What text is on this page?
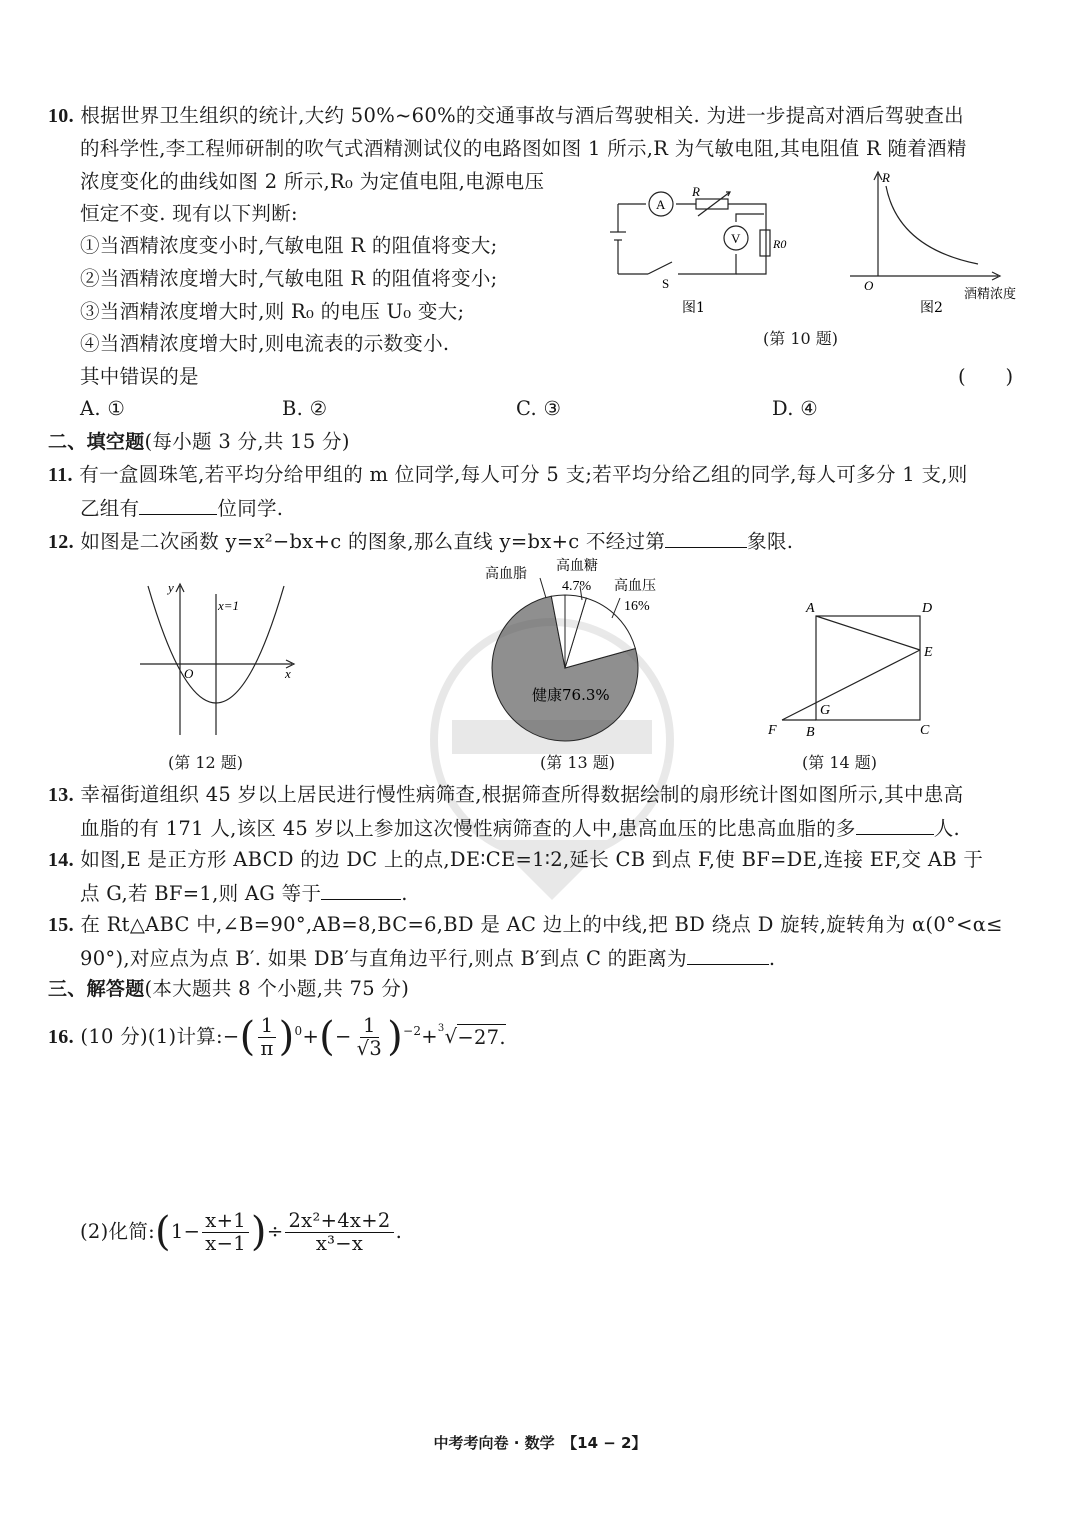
10. 根据世界卫生组织的统计,大约 50%~60%的交通事故与酒后驾驶相关. 为进一步提高对酒后驾驶查出
的科学性,李工程师研制的吹气式酒精测试仪的电路图如图 1 所示,R 为气敏电阻,其电阻值 R 随着酒精
浓度变化的曲线如图 2 所示,R₀ 为定值电阻,电源电压
恒定不变. 现有以下判断:
①当酒精浓度变小时,气敏电阻 R 的阻值将变大;
②当酒精浓度增大时,气敏电阻 R 的阻值将变小;
③当酒精浓度增大时,则 R₀ 的电压 U₀ 变大;
④当酒精浓度增大时,则电流表的示数变小.
其中错误的是	(　　)
A. ①	B. ②	C. ③	D. ④
A
R
V	R0
S
图1
R
O
酒精浓度
图2
(第 10 题)
二、填空题(每小题 3 分,共 15 分)
11. 有一盒圆珠笔,若平均分给甲组的 m 位同学,每人可分 5 支;若平均分给乙组的同学,每人可多分 1 支,则
乙组有	位同学.
12. 如图是二次函数 y=x²−bx+c 的图象,那么直线 y=bx+c 不经过第	象限.
y
x
O
x=1
(第 12 题)
高血脂 高血糖
4.7% 高血压
16%
健康76.3%
(第 13 题)
A	D
E
G
F B	C
(第 14 题)
13. 幸福街道组织 45 岁以上居民进行慢性病筛查,根据筛查所得数据绘制的扇形统计图如图所示,其中患高
血脂的有 171 人,该区 45 岁以上参加这次慢性病筛查的人中,患高血压的比患高血脂的多	人.
14. 如图,E 是正方形 ABCD 的边 DC 上的点,DE∶CE=1∶2,延长 CB 到点 F,使 BF=DE,连接 EF,交 AB 于
点 G,若 BF=1,则 AG 等于	.
15. 在 Rt△ABC 中,∠B=90°,AB=8,BC=6,BD 是 AC 边上的中线,把 BD 绕点 D 旋转,旋转角为 α(0°<α≤
90°),对应点为点 B′. 如果 DB′与直角边平行,则点 B′到点 C 的距离为	.
三、解答题(本大题共 8 个小题,共 75 分)
16.
(10 分)(1)计算:− ( $\frac{1}{\pi}$ ) 0 + ( − $\frac{1}{√3}$ ) −2 + 3 √ −27.
(2)化简: ( $1- \frac{x+1}{x-1}$ ) ÷ $\frac{\text{2x²+4x+2}}{\text{x³−x}}$ .
中考考向卷 · 数学　【14 − 2】
